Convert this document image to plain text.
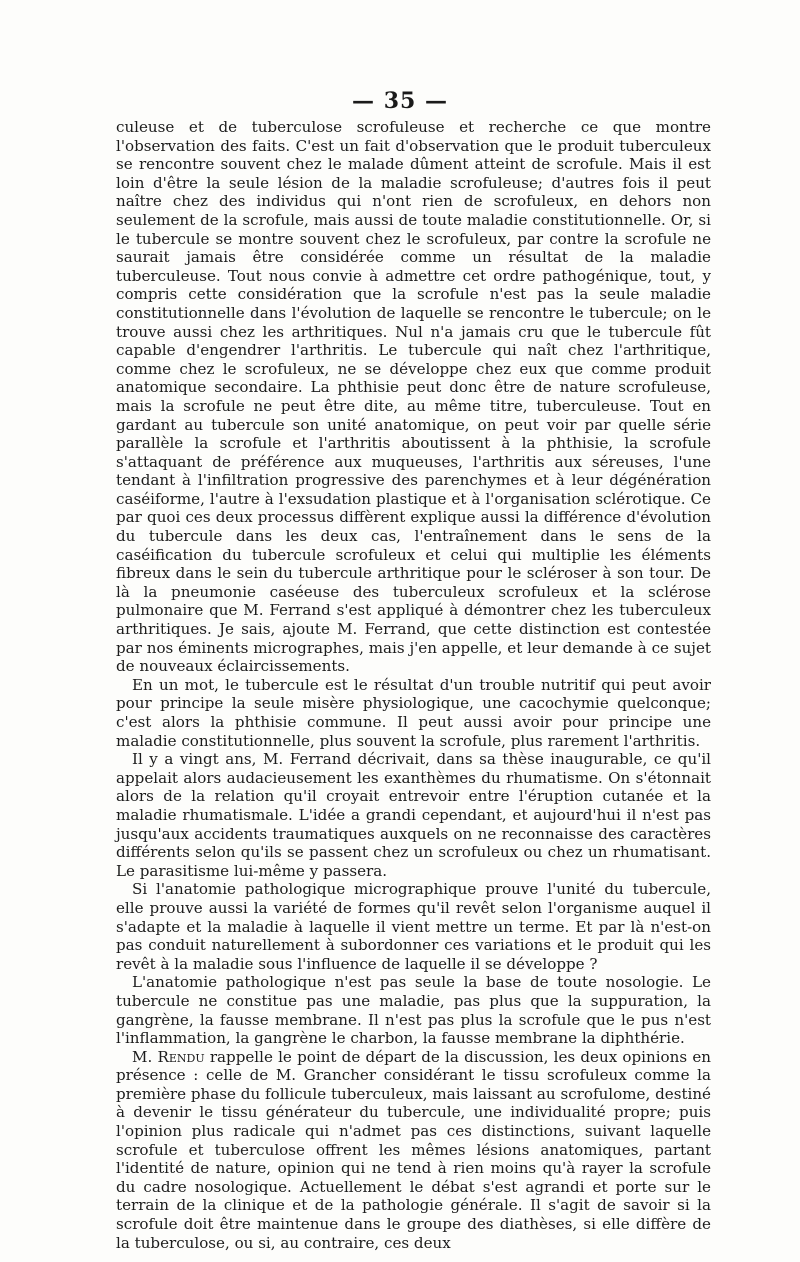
— 35 —

culeuse et de tuberculose scrofuleuse et recherche ce que montre l'observation des faits. C'est un fait d'observation que le produit tuberculeux se rencontre souvent chez le malade dûment atteint de scrofule. Mais il est loin d'être la seule lésion de la maladie scrofuleuse; d'autres fois il peut naître chez des individus qui n'ont rien de scrofuleux, en dehors non seulement de la scrofule, mais aussi de toute maladie constitutionnelle. Or, si le tubercule se montre souvent chez le scrofuleux, par contre la scrofule ne saurait jamais être considérée comme un résultat de la maladie tuberculeuse. Tout nous convie à admettre cet ordre pathogénique, tout, y compris cette considération que la scrofule n'est pas la seule maladie constitutionnelle dans l'évolution de laquelle se rencontre le tubercule; on le trouve aussi chez les arthritiques. Nul n'a jamais cru que le tubercule fût capable d'engendrer l'arthritis. Le tubercule qui naît chez l'arthritique, comme chez le scrofuleux, ne se développe chez eux que comme produit anatomique secondaire. La phthisie peut donc être de nature scrofuleuse, mais la scrofule ne peut être dite, au même titre, tuberculeuse. Tout en gardant au tubercule son unité anatomique, on peut voir par quelle série parallèle la scrofule et l'arthritis aboutissent à la phthisie, la scrofule s'attaquant de préférence aux muqueuses, l'arthritis aux séreuses, l'une tendant à l'infiltration progressive des parenchymes et à leur dégénération caséiforme, l'autre à l'exsudation plastique et à l'organisation sclérotique. Ce par quoi ces deux processus diffèrent explique aussi la différence d'évolution du tubercule dans les deux cas, l'entraînement dans le sens de la caséification du tubercule scrofuleux et celui qui multiplie les éléments fibreux dans le sein du tubercule arthritique pour le scléroser à son tour. De là la pneumonie caséeuse des tuberculeux scrofuleux et la sclérose pulmonaire que M. Ferrand s'est appliqué à démontrer chez les tuberculeux arthritiques. Je sais, ajoute M. Ferrand, que cette distinction est contestée par nos éminents micrographes, mais j'en appelle, et leur demande à ce sujet de nouveaux éclaircissements.

En un mot, le tubercule est le résultat d'un trouble nutritif qui peut avoir pour principe la seule misère physiologique, une cacochymie quelconque; c'est alors la phthisie commune. Il peut aussi avoir pour principe une maladie constitutionnelle, plus souvent la scrofule, plus rarement l'arthritis.

Il y a vingt ans, M. Ferrand décrivait, dans sa thèse inaugurable, ce qu'il appelait alors audacieusement les exanthèmes du rhumatisme. On s'étonnait alors de la relation qu'il croyait entrevoir entre l'éruption cutanée et la maladie rhumatismale. L'idée a grandi cependant, et aujourd'hui il n'est pas jusqu'aux accidents traumatiques auxquels on ne reconnaisse des caractères différents selon qu'ils se passent chez un scrofuleux ou chez un rhumatisant. Le parasitisme lui-même y passera.

Si l'anatomie pathologique micrographique prouve l'unité du tubercule, elle prouve aussi la variété de formes qu'il revêt selon l'organisme auquel il s'adapte et la maladie à laquelle il vient mettre un terme. Et par là n'est-on pas conduit naturellement à subordonner ces variations et le produit qui les revêt à la maladie sous l'influence de laquelle il se développe ?

L'anatomie pathologique n'est pas seule la base de toute nosologie. Le tubercule ne constitue pas une maladie, pas plus que la suppuration, la gangrène, la fausse membrane. Il n'est pas plus la scrofule que le pus n'est l'inflammation, la gangrène le charbon, la fausse membrane la diphthérie.

M. Rendu rappelle le point de départ de la discussion, les deux opinions en présence : celle de M. Grancher considérant le tissu scrofuleux comme la première phase du follicule tuberculeux, mais laissant au scrofulome, destiné à devenir le tissu générateur du tubercule, une individualité propre; puis l'opinion plus radicale qui n'admet pas ces distinctions, suivant laquelle scrofule et tuberculose offrent les mêmes lésions anatomiques, partant l'identité de nature, opinion qui ne tend à rien moins qu'à rayer la scrofule du cadre nosologique. Actuellement le débat s'est agrandi et porte sur le terrain de la clinique et de la pathologie générale. Il s'agit de savoir si la scrofule doit être maintenue dans le groupe des diathèses, si elle diffère de la tuberculose, ou si, au contraire, ces deux
